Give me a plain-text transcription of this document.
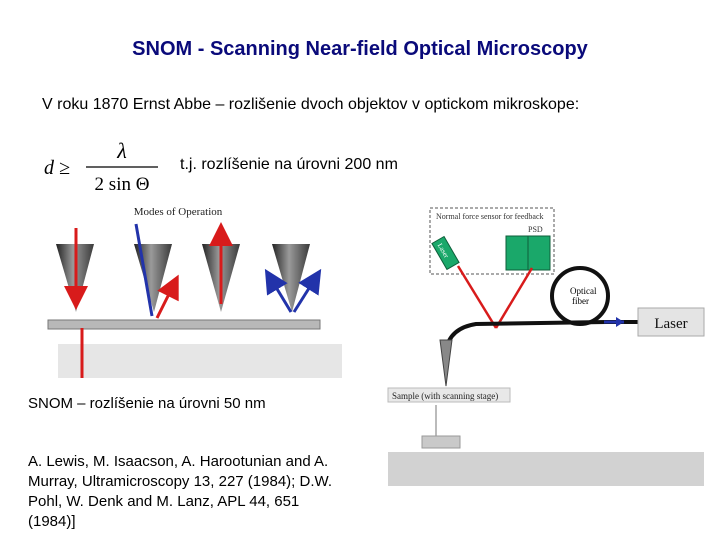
SNOM - Scanning Near-field Optical Microscopy
V roku 1870 Ernst Abbe – rozlišenie dvoch objektov v optickom mikroskope:
d ≥
λ
2 sin Θ
t.j. rozlíšenie na úrovni 200 nm
Modes of Operation
SNOM – rozlíšenie na úrovni 50 nm
A. Lewis, M. Isaacson, A. Harootunian and A.
Murray, Ultramicroscopy 13, 227 (1984); D.W.
Pohl, W. Denk and M. Lanz, APL 44, 651
(1984)]
Normal force sensor for feedback
PSD
Laser
Optical
fiber
Laser
Sample (with scanning stage)
